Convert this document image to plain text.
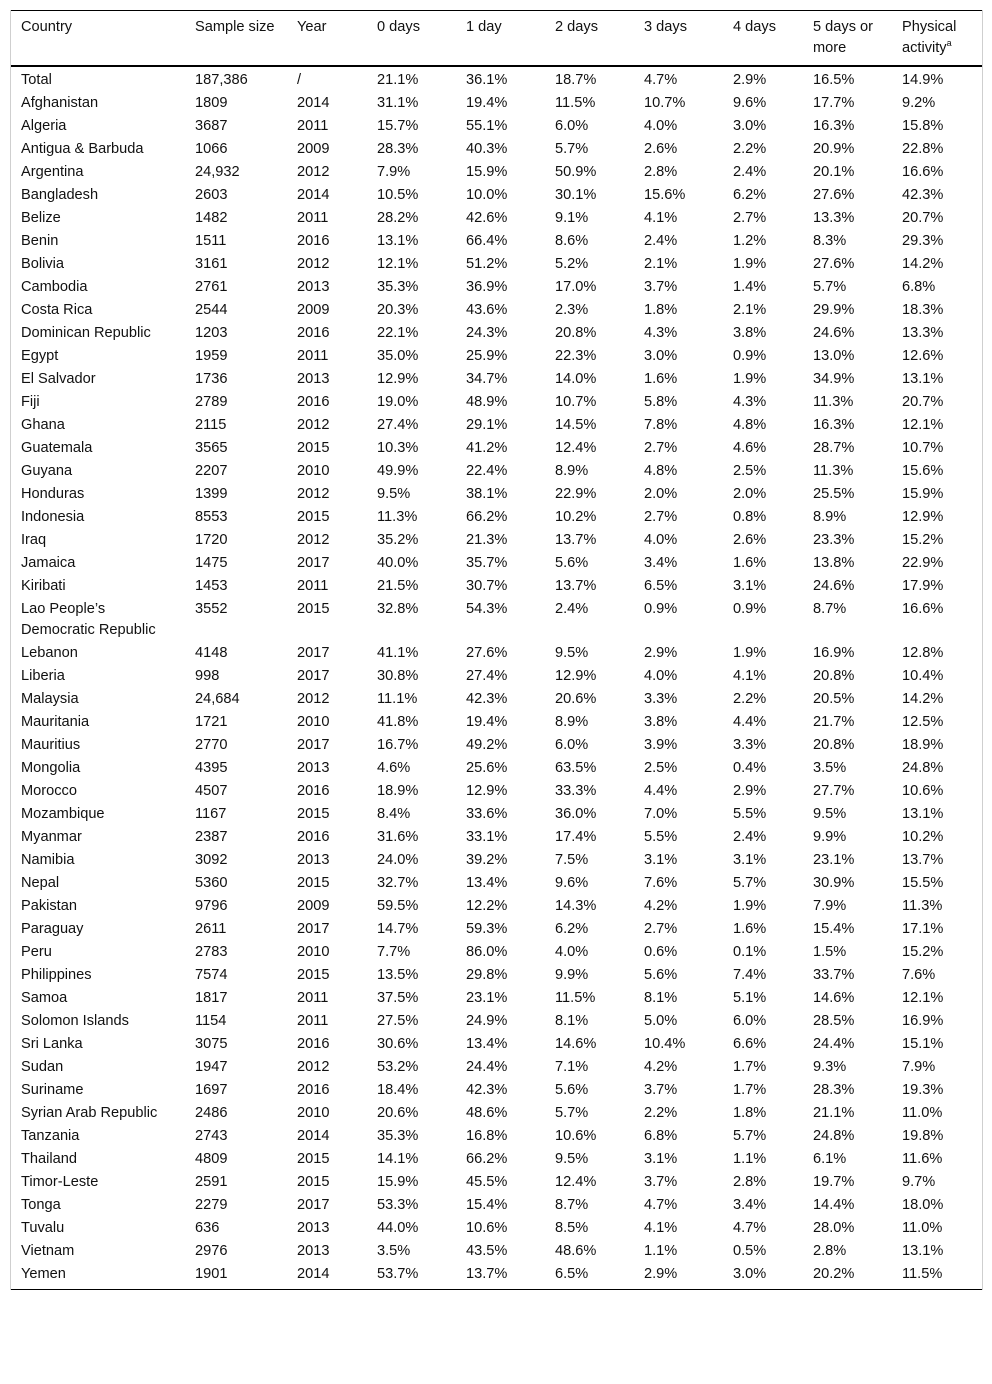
Country	Sample size	Year	0 days	1 day	2 days	3 days	4 days	5 days or more	Physical activity$^a$
Total	187,386	/	21.1%	36.1%	18.7%	4.7%	2.9%	16.5%	14.9%
Afghanistan	1809	2014	31.1%	19.4%	11.5%	10.7%	9.6%	17.7%	9.2%
Algeria	3687	2011	15.7%	55.1%	6.0%	4.0%	3.0%	16.3%	15.8%
Antigua & Barbuda	1066	2009	28.3%	40.3%	5.7%	2.6%	2.2%	20.9%	22.8%
Argentina	24,932	2012	7.9%	15.9%	50.9%	2.8%	2.4%	20.1%	16.6%
Bangladesh	2603	2014	10.5%	10.0%	30.1%	15.6%	6.2%	27.6%	42.3%
Belize	1482	2011	28.2%	42.6%	9.1%	4.1%	2.7%	13.3%	20.7%
Benin	1511	2016	13.1%	66.4%	8.6%	2.4%	1.2%	8.3%	29.3%
Bolivia	3161	2012	12.1%	51.2%	5.2%	2.1%	1.9%	27.6%	14.2%
Cambodia	2761	2013	35.3%	36.9%	17.0%	3.7%	1.4%	5.7%	6.8%
Costa Rica	2544	2009	20.3%	43.6%	2.3%	1.8%	2.1%	29.9%	18.3%
Dominican Republic	1203	2016	22.1%	24.3%	20.8%	4.3%	3.8%	24.6%	13.3%
Egypt	1959	2011	35.0%	25.9%	22.3%	3.0%	0.9%	13.0%	12.6%
El Salvador	1736	2013	12.9%	34.7%	14.0%	1.6%	1.9%	34.9%	13.1%
Fiji	2789	2016	19.0%	48.9%	10.7%	5.8%	4.3%	11.3%	20.7%
Ghana	2115	2012	27.4%	29.1%	14.5%	7.8%	4.8%	16.3%	12.1%
Guatemala	3565	2015	10.3%	41.2%	12.4%	2.7%	4.6%	28.7%	10.7%
Guyana	2207	2010	49.9%	22.4%	8.9%	4.8%	2.5%	11.3%	15.6%
Honduras	1399	2012	9.5%	38.1%	22.9%	2.0%	2.0%	25.5%	15.9%
Indonesia	8553	2015	11.3%	66.2%	10.2%	2.7%	0.8%	8.9%	12.9%
Iraq	1720	2012	35.2%	21.3%	13.7%	4.0%	2.6%	23.3%	15.2%
Jamaica	1475	2017	40.0%	35.7%	5.6%	3.4%	1.6%	13.8%	22.9%
Kiribati	1453	2011	21.5%	30.7%	13.7%	6.5%	3.1%	24.6%	17.9%
Lao People’s Democratic Republic	3552	2015	32.8%	54.3%	2.4%	0.9%	0.9%	8.7%	16.6%
Lebanon	4148	2017	41.1%	27.6%	9.5%	2.9%	1.9%	16.9%	12.8%
Liberia	998	2017	30.8%	27.4%	12.9%	4.0%	4.1%	20.8%	10.4%
Malaysia	24,684	2012	11.1%	42.3%	20.6%	3.3%	2.2%	20.5%	14.2%
Mauritania	1721	2010	41.8%	19.4%	8.9%	3.8%	4.4%	21.7%	12.5%
Mauritius	2770	2017	16.7%	49.2%	6.0%	3.9%	3.3%	20.8%	18.9%
Mongolia	4395	2013	4.6%	25.6%	63.5%	2.5%	0.4%	3.5%	24.8%
Morocco	4507	2016	18.9%	12.9%	33.3%	4.4%	2.9%	27.7%	10.6%
Mozambique	1167	2015	8.4%	33.6%	36.0%	7.0%	5.5%	9.5%	13.1%
Myanmar	2387	2016	31.6%	33.1%	17.4%	5.5%	2.4%	9.9%	10.2%
Namibia	3092	2013	24.0%	39.2%	7.5%	3.1%	3.1%	23.1%	13.7%
Nepal	5360	2015	32.7%	13.4%	9.6%	7.6%	5.7%	30.9%	15.5%
Pakistan	9796	2009	59.5%	12.2%	14.3%	4.2%	1.9%	7.9%	11.3%
Paraguay	2611	2017	14.7%	59.3%	6.2%	2.7%	1.6%	15.4%	17.1%
Peru	2783	2010	7.7%	86.0%	4.0%	0.6%	0.1%	1.5%	15.2%
Philippines	7574	2015	13.5%	29.8%	9.9%	5.6%	7.4%	33.7%	7.6%
Samoa	1817	2011	37.5%	23.1%	11.5%	8.1%	5.1%	14.6%	12.1%
Solomon Islands	1154	2011	27.5%	24.9%	8.1%	5.0%	6.0%	28.5%	16.9%
Sri Lanka	3075	2016	30.6%	13.4%	14.6%	10.4%	6.6%	24.4%	15.1%
Sudan	1947	2012	53.2%	24.4%	7.1%	4.2%	1.7%	9.3%	7.9%
Suriname	1697	2016	18.4%	42.3%	5.6%	3.7%	1.7%	28.3%	19.3%
Syrian Arab Republic	2486	2010	20.6%	48.6%	5.7%	2.2%	1.8%	21.1%	11.0%
Tanzania	2743	2014	35.3%	16.8%	10.6%	6.8%	5.7%	24.8%	19.8%
Thailand	4809	2015	14.1%	66.2%	9.5%	3.1%	1.1%	6.1%	11.6%
Timor-Leste	2591	2015	15.9%	45.5%	12.4%	3.7%	2.8%	19.7%	9.7%
Tonga	2279	2017	53.3%	15.4%	8.7%	4.7%	3.4%	14.4%	18.0%
Tuvalu	636	2013	44.0%	10.6%	8.5%	4.1%	4.7%	28.0%	11.0%
Vietnam	2976	2013	3.5%	43.5%	48.6%	1.1%	0.5%	2.8%	13.1%
Yemen	1901	2014	53.7%	13.7%	6.5%	2.9%	3.0%	20.2%	11.5%
